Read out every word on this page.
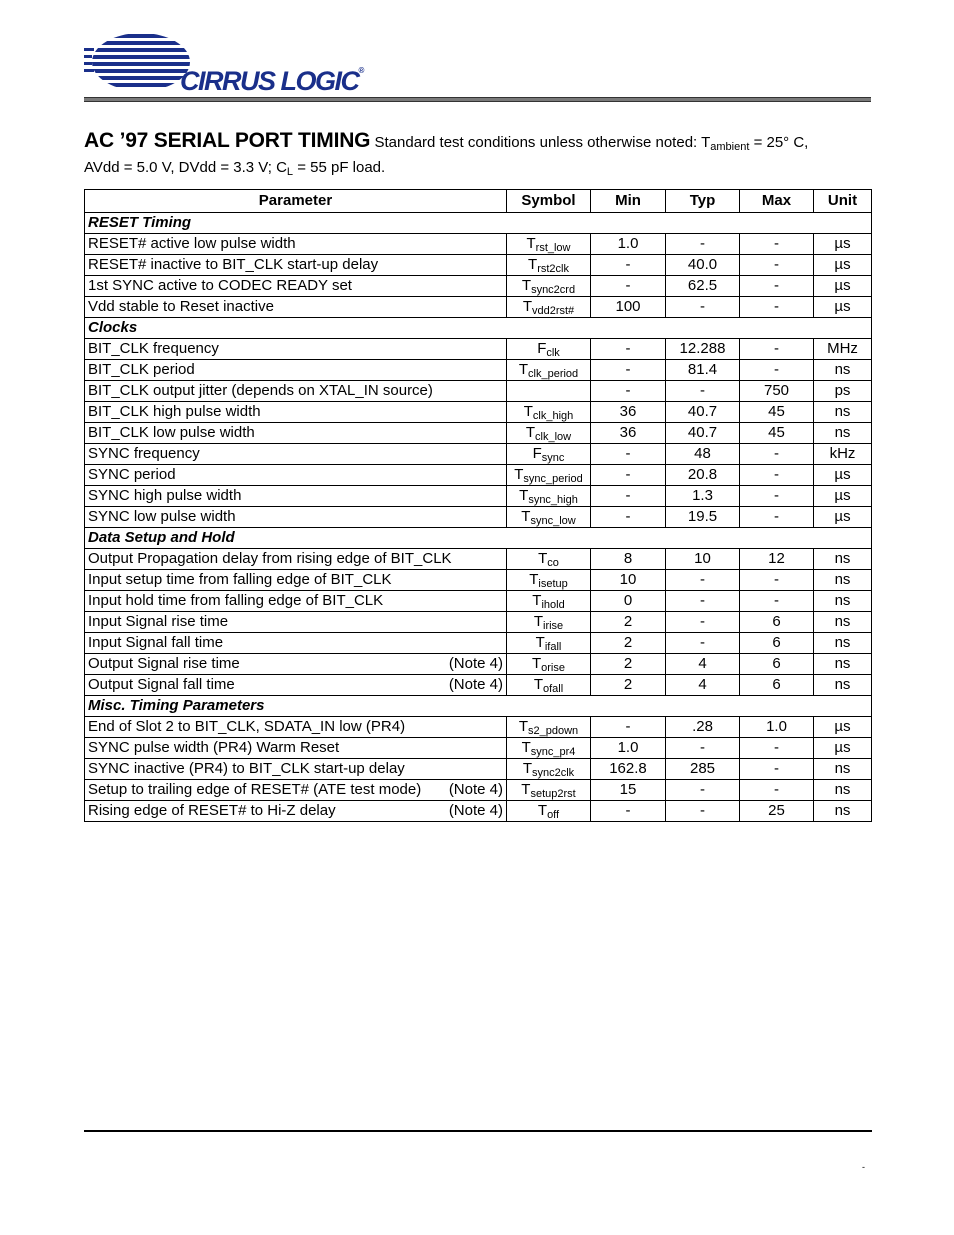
CIRRUS LOGIC®
AC ’97 SERIAL PORT TIMING Standard test conditions unless otherwise noted: $T_{ambient} = 25^\circ$ C,
AVdd = 5.0 V, DVdd = 3.3 V; $C_L = 55$ pF load.
Parameter	Symbol	Min	Typ	Max	Unit
RESET Timing					
RESET# active low pulse width	$T_{rst\_low}$	1.0	-	-	µs
RESET# inactive to BIT_CLK start-up delay	$T_{rst2clk}$	-	40.0	-	µs
1st SYNC active to CODEC READY set	$T_{sync2crd}$	-	62.5	-	µs
Vdd stable to Reset inactive	$T_{vdd2rst\#}$	100	-	-	µs
Clocks					
BIT_CLK frequency	$F_{clk}$	-	12.288	-	MHz
BIT_CLK period	$T_{clk\_period}$	-	81.4	-	ns
BIT_CLK output jitter (depends on XTAL_IN source)		-	-	750	ps
BIT_CLK high pulse width	$T_{clk\_high}$	36	40.7	45	ns
BIT_CLK low pulse width	$T_{clk\_low}$	36	40.7	45	ns
SYNC frequency	$F_{sync}$	-	48	-	kHz
SYNC period	$T_{sync\_period}$	-	20.8	-	µs
SYNC high pulse width	$T_{sync\_high}$	-	1.3	-	µs
SYNC low pulse width	$T_{sync\_low}$	-	19.5	-	µs
Data Setup and Hold					
Output Propagation delay from rising edge of BIT_CLK	$T_{co}$	8	10	12	ns
Input setup time from falling edge of BIT_CLK	$T_{isetup}$	10	-	-	ns
Input hold time from falling edge of BIT_CLK	$T_{ihold}$	0	-	-	ns
Input Signal rise time	$T_{irise}$	2	-	6	ns
Input Signal fall time	$T_{ifall}$	2	-	6	ns
Output Signal rise time (Note 4)	$T_{orise}$	2	4	6	ns
Output Signal fall time (Note 4)	$T_{ofall}$	2	4	6	ns
Misc. Timing Parameters					
End of Slot 2 to BIT_CLK, SDATA_IN low (PR4)	$T_{s2\_pdown}$	-	.28	1.0	µs
SYNC pulse width (PR4) Warm Reset	$T_{sync\_pr4}$	1.0	-	-	µs
SYNC inactive (PR4) to BIT_CLK start-up delay	$T_{sync2clk}$	162.8	285	-	ns
Setup to trailing edge of RESET# (ATE test mode) (Note 4)	$T_{setup2rst}$	15	-	-	ns
Rising edge of RESET# to Hi-Z delay (Note 4)	$T_{off}$	-	-	25	ns
-
